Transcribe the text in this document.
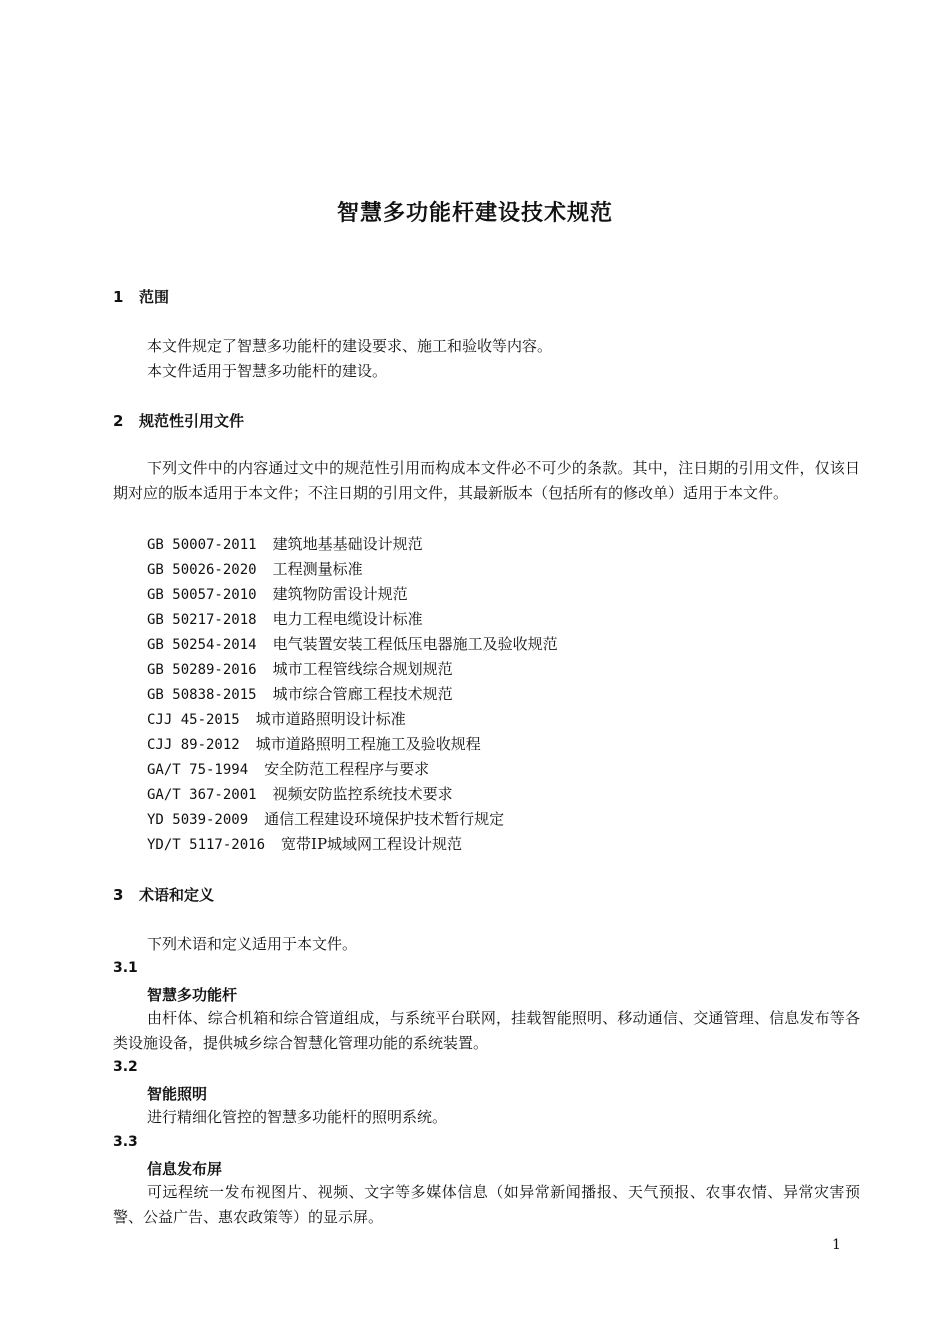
智慧多功能杆建设技术规范
1 范围

本文件规定了智慧多功能杆的建设要求、施工和验收等内容。

本文件适用于智慧多功能杆的建设。

2 规范性引用文件

下列文件中的内容通过文中的规范性引用而构成本文件必不可少的条款。其中，注日期的引用文件，仅该日期对应的版本适用于本文件；不注日期的引用文件，其最新版本（包括所有的修改单）适用于本文件。

GB 50007-2011 建筑地基基础设计规范
GB 50026-2020 工程测量标准
GB 50057-2010 建筑物防雷设计规范
GB 50217-2018 电力工程电缆设计标准
GB 50254-2014 电气装置安装工程低压电器施工及验收规范
GB 50289-2016 城市工程管线综合规划规范
GB 50838-2015 城市综合管廊工程技术规范
CJJ 45-2015 城市道路照明设计标准
CJJ 89-2012 城市道路照明工程施工及验收规程
GA/T 75-1994 安全防范工程程序与要求
GA/T 367-2001 视频安防监控系统技术要求
YD 5039-2009 通信工程建设环境保护技术暂行规定
YD/T 5117-2016 宽带IP城域网工程设计规范
3 术语和定义

下列术语和定义适用于本文件。

3.1

智慧多功能杆

由杆体、综合机箱和综合管道组成，与系统平台联网，挂载智能照明、移动通信、交通管理、信息发布等各类设施设备，提供城乡综合智慧化管理功能的系统装置。

3.2

智能照明

进行精细化管控的智慧多功能杆的照明系统。

3.3

信息发布屏

可远程统一发布视图片、视频、文字等多媒体信息（如异常新闻播报、天气预报、农事农情、异常灾害预警、公益广告、惠农政策等）的显示屏。

1
